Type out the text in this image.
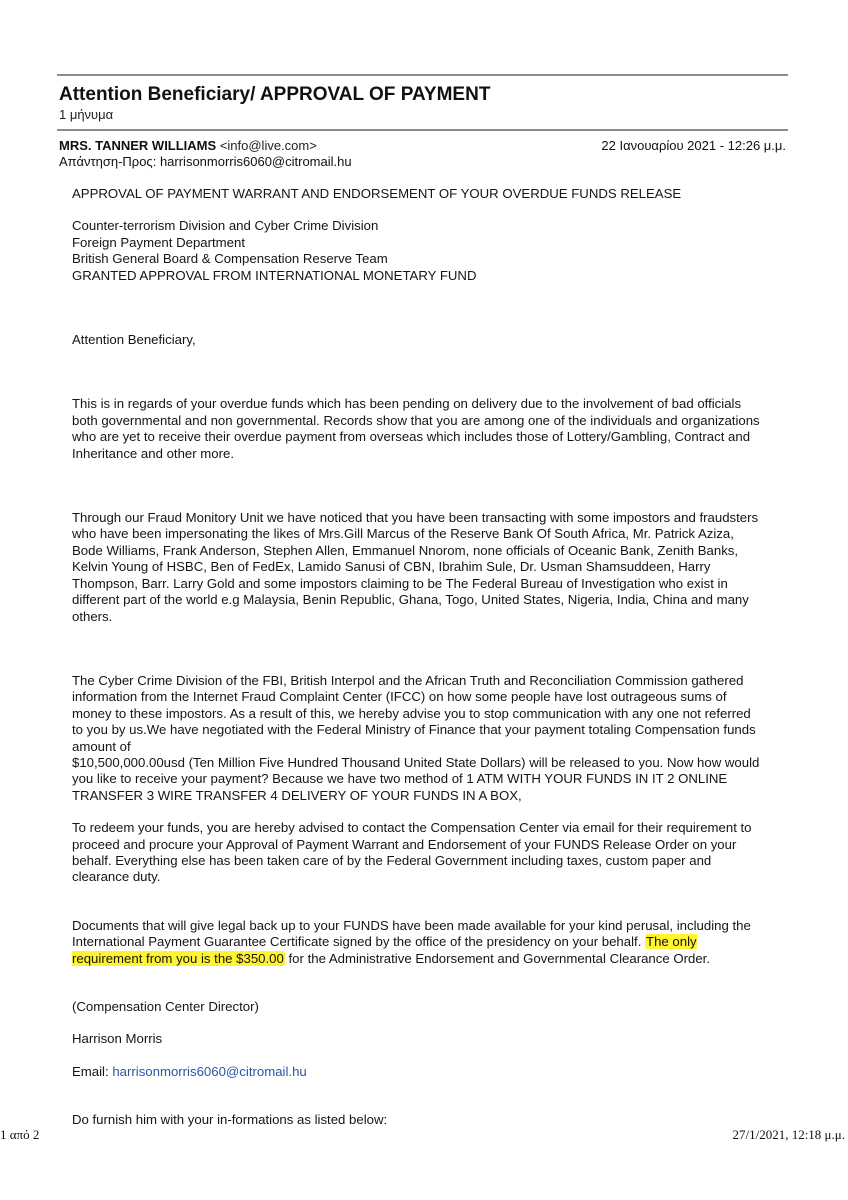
Attention Beneficiary/ APPROVAL OF PAYMENT
1 μήνυμα
MRS. TANNER WILLIAMS <info@live.com>	22 Ιανουαρίου 2021 - 12:26 μ.μ.
Απάντηση-Προς: harrisonmorris6060@citromail.hu

APPROVAL OF PAYMENT WARRANT AND ENDORSEMENT OF YOUR OVERDUE FUNDS RELEASE

Counter-terrorism Division and Cyber Crime Division
Foreign Payment Department
British General Board & Compensation Reserve Team
GRANTED APPROVAL FROM INTERNATIONAL MONETARY FUND

Attention Beneficiary,

This is in regards of your overdue funds which has been pending on delivery due to the involvement of bad officials both governmental and non governmental. Records show that you are among one of the individuals and organizations who are yet to receive their overdue payment from overseas which includes those of Lottery/Gambling, Contract and Inheritance and other more.

Through our Fraud Monitory Unit we have noticed that you have been transacting with some impostors and fraudsters who have been impersonating the likes of Mrs.Gill Marcus of the Reserve Bank Of South Africa, Mr. Patrick Aziza, Bode Williams, Frank Anderson, Stephen Allen, Emmanuel Nnorom, none officials of Oceanic Bank, Zenith Banks, Kelvin Young of HSBC, Ben of FedEx, Lamido Sanusi of CBN, Ibrahim Sule, Dr. Usman Shamsuddeen, Harry Thompson, Barr. Larry Gold and some impostors claiming to be The Federal Bureau of Investigation who exist in different part of the world e.g Malaysia, Benin Republic, Ghana, Togo, United States, Nigeria, India, China and many others.

The Cyber Crime Division of the FBI, British Interpol and the African Truth and Reconciliation Commission gathered information from the Internet Fraud Complaint Center (IFCC) on how some people have lost outrageous sums of money to these impostors. As a result of this, we hereby advise you to stop communication with any one not referred to you by us.We have negotiated with the Federal Ministry of Finance that your payment totaling Compensation funds amount of
$10,500,000.00usd (Ten Million Five Hundred Thousand United State Dollars) will be released to you. Now how would you like to receive your payment? Because we have two method of 1 ATM WITH YOUR FUNDS IN IT 2 ONLINE TRANSFER 3 WIRE TRANSFER 4 DELIVERY OF YOUR FUNDS IN A BOX,

To redeem your funds, you are hereby advised to contact the Compensation Center via email for their requirement to proceed and procure your Approval of Payment Warrant and Endorsement of your FUNDS Release Order on your behalf. Everything else has been taken care of by the Federal Government including taxes, custom paper and clearance duty.

Documents that will give legal back up to your FUNDS have been made available for your kind perusal, including the International Payment Guarantee Certificate signed by the office of the presidency on your behalf. The only requirement from you is the $350.00 for the Administrative Endorsement and Governmental Clearance Order.

(Compensation Center Director)

Harrison Morris

Email: harrisonmorris6060@citromail.hu

Do furnish him with your in-formations as listed below:

1 από 2	27/1/2021, 12:18 μ.μ.
